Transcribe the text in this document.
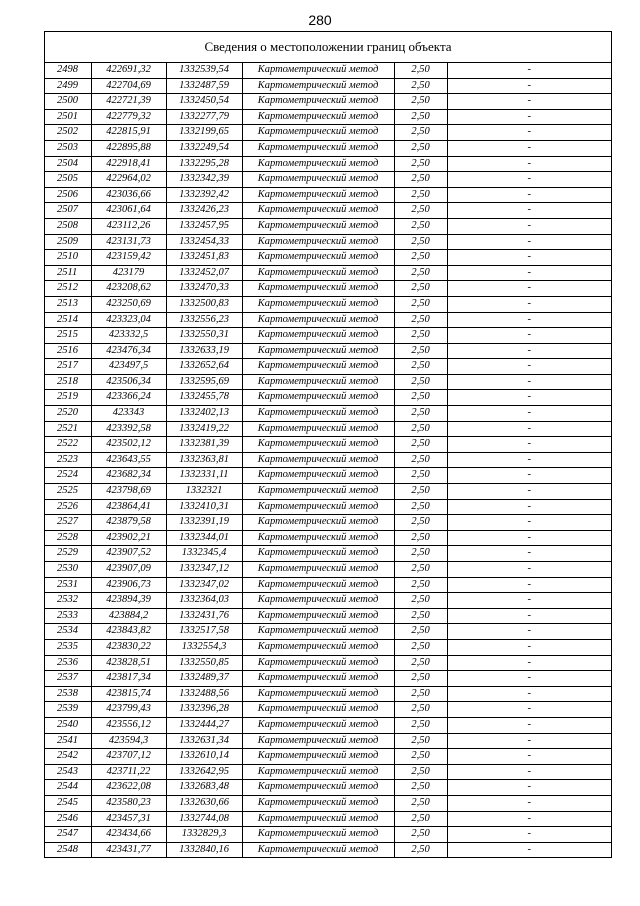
280
Сведения о местоположении границ объекта
2498	422691,32	1332539,54	Картометрический метод	2,50	-
2499	422704,69	1332487,59	Картометрический метод	2,50	-
2500	422721,39	1332450,54	Картометрический метод	2,50	-
2501	422779,32	1332277,79	Картометрический метод	2,50	-
2502	422815,91	1332199,65	Картометрический метод	2,50	-
2503	422895,88	1332249,54	Картометрический метод	2,50	-
2504	422918,41	1332295,28	Картометрический метод	2,50	-
2505	422964,02	1332342,39	Картометрический метод	2,50	-
2506	423036,66	1332392,42	Картометрический метод	2,50	-
2507	423061,64	1332426,23	Картометрический метод	2,50	-
2508	423112,26	1332457,95	Картометрический метод	2,50	-
2509	423131,73	1332454,33	Картометрический метод	2,50	-
2510	423159,42	1332451,83	Картометрический метод	2,50	-
2511	423179	1332452,07	Картометрический метод	2,50	-
2512	423208,62	1332470,33	Картометрический метод	2,50	-
2513	423250,69	1332500,83	Картометрический метод	2,50	-
2514	423323,04	1332556,23	Картометрический метод	2,50	-
2515	423332,5	1332550,31	Картометрический метод	2,50	-
2516	423476,34	1332633,19	Картометрический метод	2,50	-
2517	423497,5	1332652,64	Картометрический метод	2,50	-
2518	423506,34	1332595,69	Картометрический метод	2,50	-
2519	423366,24	1332455,78	Картометрический метод	2,50	-
2520	423343	1332402,13	Картометрический метод	2,50	-
2521	423392,58	1332419,22	Картометрический метод	2,50	-
2522	423502,12	1332381,39	Картометрический метод	2,50	-
2523	423643,55	1332363,81	Картометрический метод	2,50	-
2524	423682,34	1332331,11	Картометрический метод	2,50	-
2525	423798,69	1332321	Картометрический метод	2,50	-
2526	423864,41	1332410,31	Картометрический метод	2,50	-
2527	423879,58	1332391,19	Картометрический метод	2,50	-
2528	423902,21	1332344,01	Картометрический метод	2,50	-
2529	423907,52	1332345,4	Картометрический метод	2,50	-
2530	423907,09	1332347,12	Картометрический метод	2,50	-
2531	423906,73	1332347,02	Картометрический метод	2,50	-
2532	423894,39	1332364,03	Картометрический метод	2,50	-
2533	423884,2	1332431,76	Картометрический метод	2,50	-
2534	423843,82	1332517,58	Картометрический метод	2,50	-
2535	423830,22	1332554,3	Картометрический метод	2,50	-
2536	423828,51	1332550,85	Картометрический метод	2,50	-
2537	423817,34	1332489,37	Картометрический метод	2,50	-
2538	423815,74	1332488,56	Картометрический метод	2,50	-
2539	423799,43	1332396,28	Картометрический метод	2,50	-
2540	423556,12	1332444,27	Картометрический метод	2,50	-
2541	423594,3	1332631,34	Картометрический метод	2,50	-
2542	423707,12	1332610,14	Картометрический метод	2,50	-
2543	423711,22	1332642,95	Картометрический метод	2,50	-
2544	423622,08	1332683,48	Картометрический метод	2,50	-
2545	423580,23	1332630,66	Картометрический метод	2,50	-
2546	423457,31	1332744,08	Картометрический метод	2,50	-
2547	423434,66	1332829,3	Картометрический метод	2,50	-
2548	423431,77	1332840,16	Картометрический метод	2,50	-
